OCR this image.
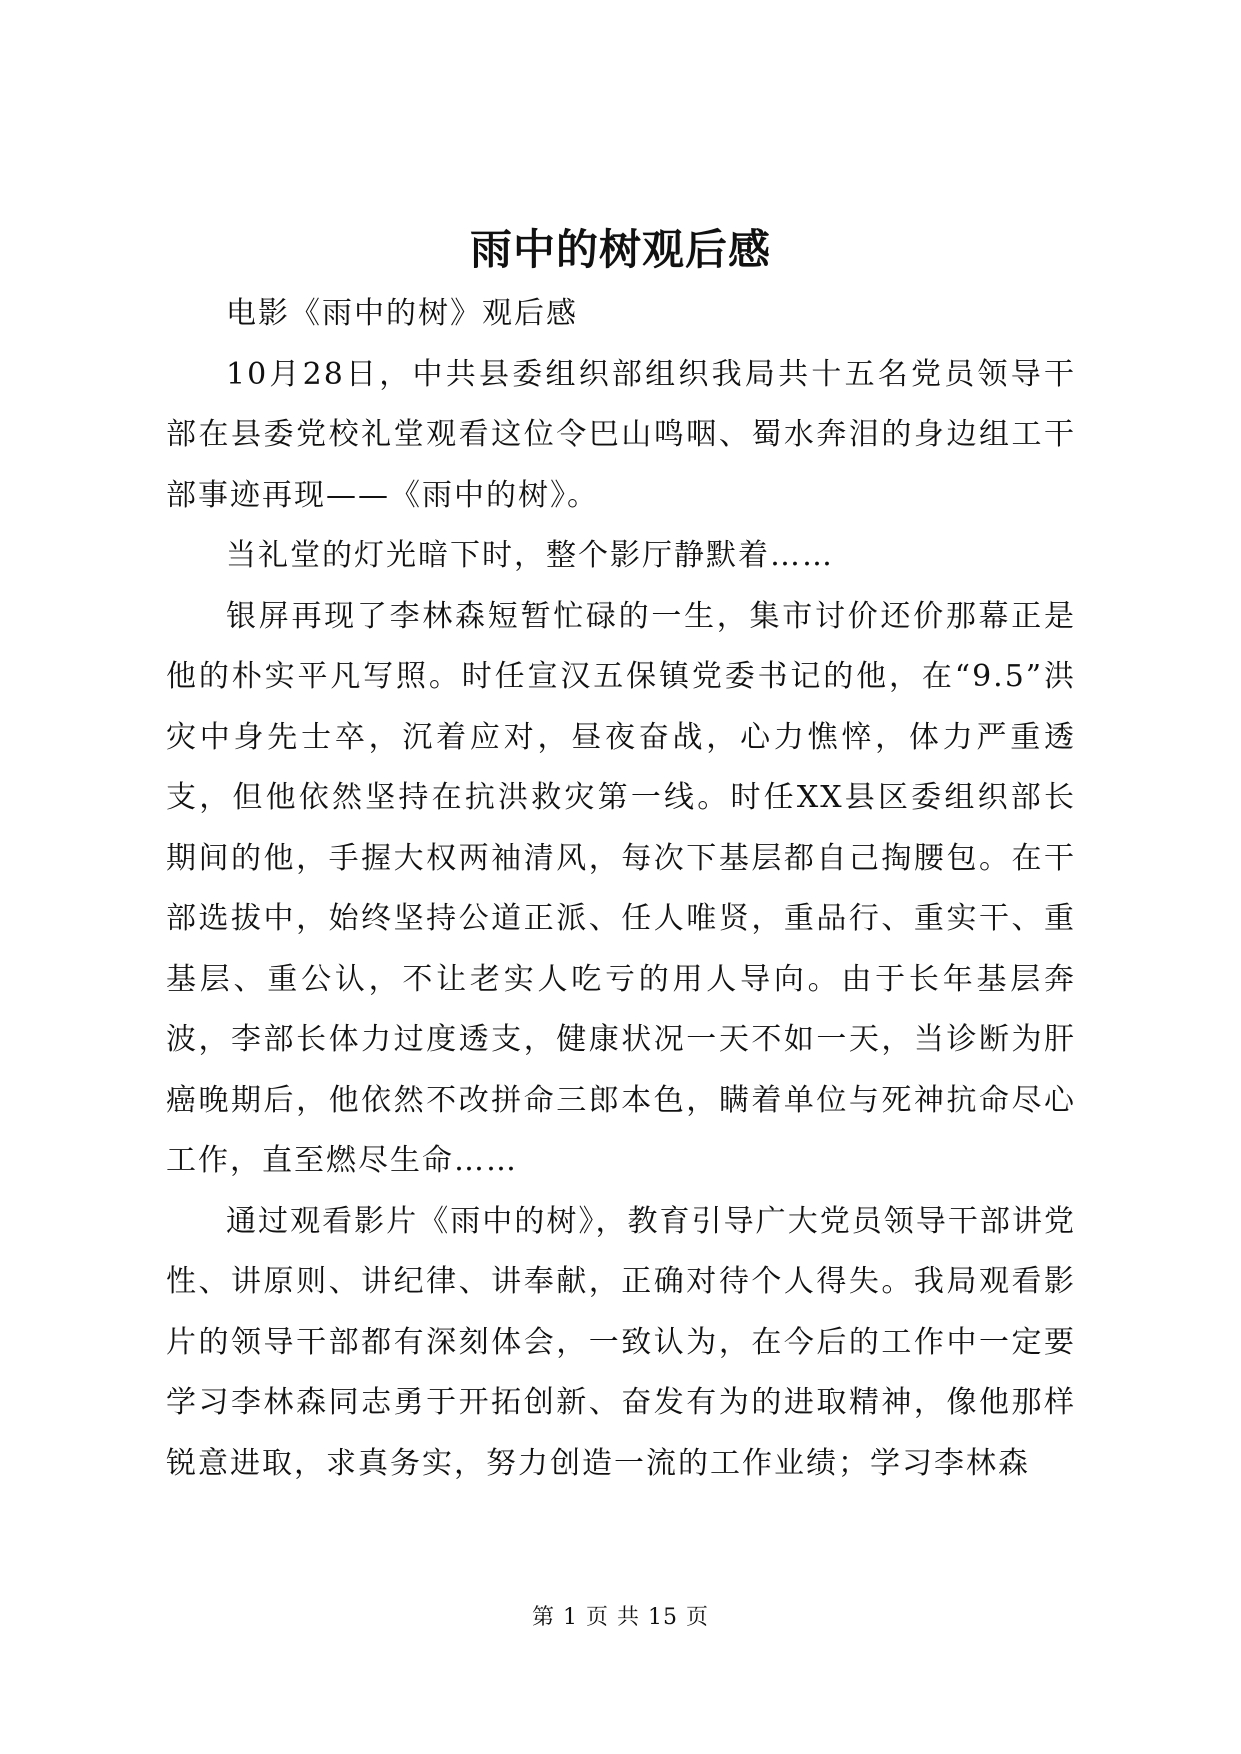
雨中的树观后感

电影《雨中的树》观后感

10月28日，中共县委组织部组织我局共十五名党员领导干部在县委党校礼堂观看这位令巴山鸣咽、蜀水奔泪的身边组工干部事迹再现——《雨中的树》。

当礼堂的灯光暗下时，整个影厅静默着……

银屏再现了李林森短暂忙碌的一生，集市讨价还价那幕正是他的朴实平凡写照。时任宣汉五保镇党委书记的他，在“9.5”洪灾中身先士卒，沉着应对，昼夜奋战，心力憔悴，体力严重透支，但他依然坚持在抗洪救灾第一线。时任XX县区委组织部长期间的他，手握大权两袖清风，每次下基层都自己掏腰包。在干部选拔中，始终坚持公道正派、任人唯贤，重品行、重实干、重基层、重公认，不让老实人吃亏的用人导向。由于长年基层奔波，李部长体力过度透支，健康状况一天不如一天，当诊断为肝癌晚期后，他依然不改拼命三郎本色，瞒着单位与死神抗命尽心工作，直至燃尽生命……

通过观看影片《雨中的树》，教育引导广大党员领导干部讲党性、讲原则、讲纪律、讲奉献，正确对待个人得失。我局观看影片的领导干部都有深刻体会，一致认为，在今后的工作中一定要学习李林森同志勇于开拓创新、奋发有为的进取精神，像他那样锐意进取，求真务实，努力创造一流的工作业绩；学习李林森

第 1 页 共 15 页
